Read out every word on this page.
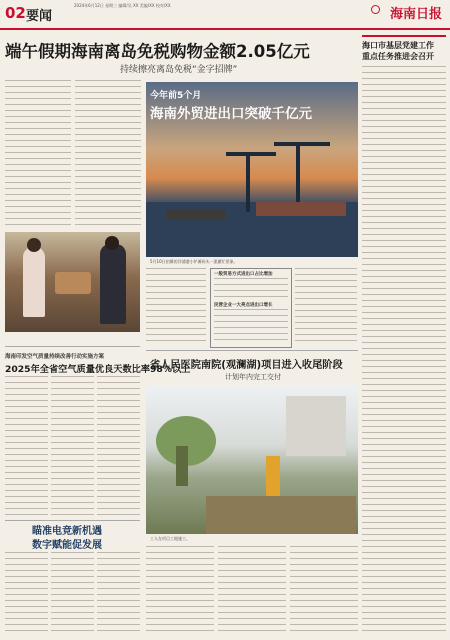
02 要闻
2024年6月12日 星期三 编辑/吴 XX 美编/XX 校对/XX
海南日报
端午假期海南离岛免税购物金额2.05亿元
持续擦亮离岛免税“金字招牌”
今年前5个月
海南外贸进出口突破千亿元
5月10日拍摄的洋浦港小铲滩码头一派繁忙景象。
一般贸易方式进出口占比增加
民营企业一大亮点进出口增长
海口市基层党建工作
重点任务推进会召开
海南印发空气质量持续改善行动实施方案
2025年全省空气质量优良天数比率98%以上
瞄准电竞新机遇
数字赋能促发展
省人民医院南院(观澜湖)项目进入收尾阶段
计划年内完工交付
工人在项目工地施工。
